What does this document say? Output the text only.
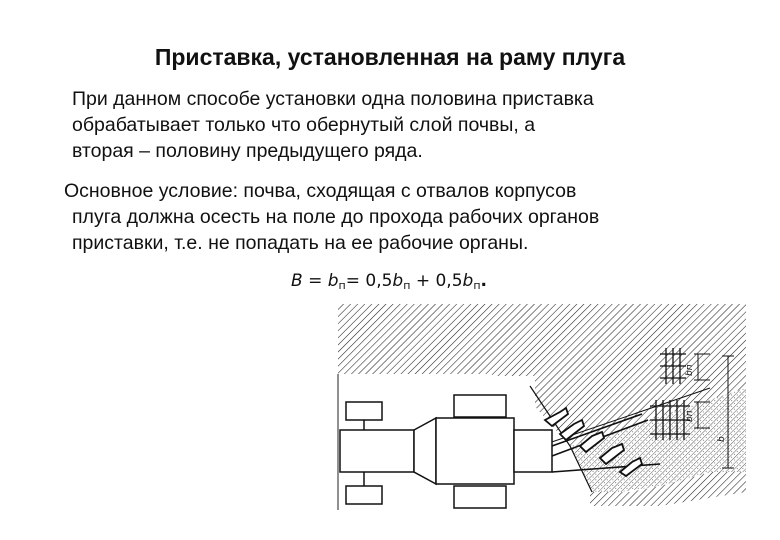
Приставка, установленная на раму плуга
При данном способе установки одна половина приставка
обрабатывает только что обернутый слой почвы, а
вторая – половину предыдущего ряда.
Основное условие: почва, сходящая с отвалов корпусов
плуга должна осесть на поле до прохода рабочих органов
приставки, т.е. не попадать на ее рабочие органы.
$B = b_п= 0,5b_п + 0,5b_п$.
bп
bп
b
